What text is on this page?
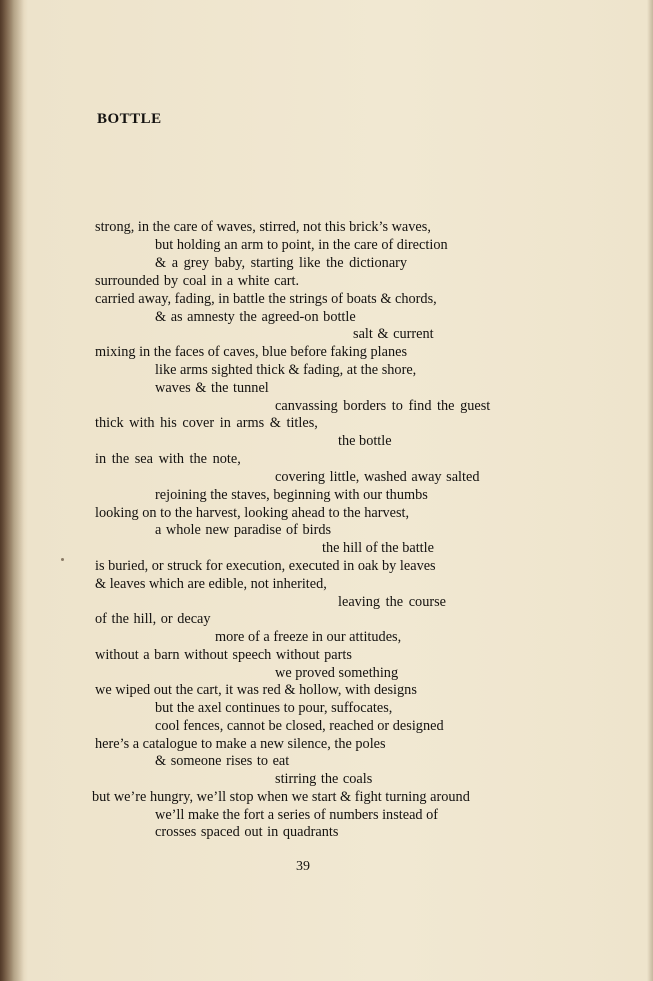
BOTTLE
strong, in the care of waves, stirred, not this brick’s waves,
but holding an arm to point, in the care of direction
& a grey baby, starting like the dictionary
surrounded by coal in a white cart.
carried away, fading, in battle the strings of boats & chords,
& as amnesty the agreed-on bottle
salt & current
mixing in the faces of caves, blue before faking planes
like arms sighted thick & fading, at the shore,
waves & the tunnel
canvassing borders to find the guest
thick with his cover in arms & titles,
the bottle
in the sea with the note,
covering little, washed away salted
rejoining the staves, beginning with our thumbs
looking on to the harvest, looking ahead to the harvest,
a whole new paradise of birds
the hill of the battle
is buried, or struck for execution, executed in oak by leaves
& leaves which are edible, not inherited,
leaving the course
of the hill, or decay
more of a freeze in our attitudes,
without a barn without speech without parts
we proved something
we wiped out the cart, it was red & hollow, with designs
but the axel continues to pour, suffocates,
cool fences, cannot be closed, reached or designed
here’s a catalogue to make a new silence, the poles
& someone rises to eat
stirring the coals
but we’re hungry, we’ll stop when we start & fight turning around
we’ll make the fort a series of numbers instead of
crosses spaced out in quadrants
39
